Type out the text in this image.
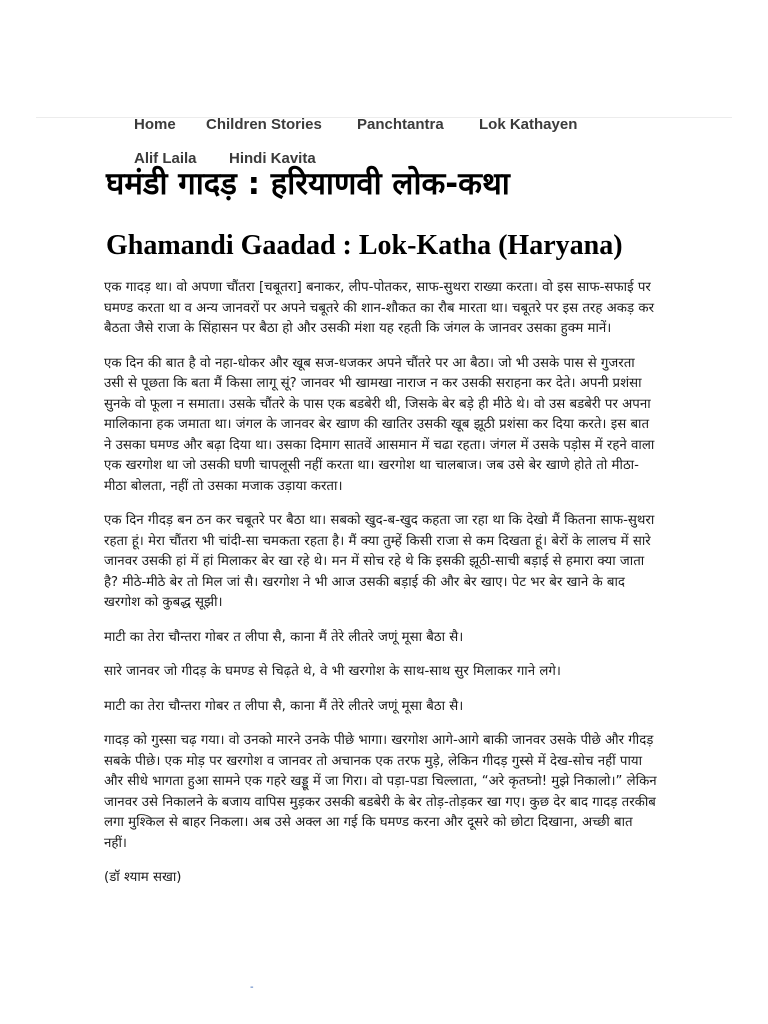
Home Children Stories Panchtantra Lok Kathayen
Alif Laila Hindi Kavita
घमंडी गादड़ : हरियाणवी लोक-कथा
Ghamandi Gaadad : Lok-Katha (Haryana)

एक गादड़ था। वो अपणा चौंतरा [चबूतरा] बनाकर, लीप-पोतकर, साफ-सुथरा राख्या करता। वो इस साफ-सफाई पर घमण्ड करता था व अन्य जानवरों पर अपने चबूतरे की शान-शौकत का रौब मारता था। चबूतरे पर इस तरह अकड़ कर बैठता जैसे राजा के सिंहासन पर बैठा हो और उसकी मंशा यह रहती कि जंगल के जानवर उसका हुक्म मानें।

एक दिन की बात है वो नहा-धोकर और खूब सज-धजकर अपने चौंतरे पर आ बैठा। जो भी उसके पास से गुजरता उसी से पूछता कि बता मैं किसा लागू सूं? जानवर भी खामखा नाराज न कर उसकी सराहना कर देते। अपनी प्रशंसा सुनके वो फूला न समाता। उसके चौंतरे के पास एक बडबेरी थी, जिसके बेर बड़े ही मीठे थे। वो उस बडबेरी पर अपना मालिकाना हक जमाता था। जंगल के जानवर बेर खाण की खातिर उसकी खूब झूठी प्रशंसा कर दिया करते। इस बात ने उसका घमण्ड और बढ़ा दिया था। उसका दिमाग सातवें आसमान में चढा रहता। जंगल में उसके पड़ोस में रहने वाला एक खरगोश था जो उसकी घणी चापलूसी नहीं करता था। खरगोश था चालबाज। जब उसे बेर खाणे होते तो मीठा-मीठा बोलता, नहीं तो उसका मजाक उड़ाया करता।

एक दिन गीदड़ बन ठन कर चबूतरे पर बैठा था। सबको खुद-ब-खुद कहता जा रहा था कि देखो मैं कितना साफ-सुथरा रहता हूं। मेरा चौंतरा भी चांदी-सा चमकता रहता है। मैं क्या तुम्हें किसी राजा से कम दिखता हूं। बेरों के लालच में सारे जानवर उसकी हां में हां मिलाकर बेर खा रहे थे। मन में सोच रहे थे कि इसकी झूठी-साची बड़ाई से हमारा क्या जाता है? मीठे-मीठे बेर तो मिल जां सै। खरगोश ने भी आज उसकी बड़ाई की और बेर खाए। पेट भर बेर खाने के बाद खरगोश को कुबद्ध सूझी।

माटी का तेरा चौन्तरा गोबर त लीपा सै, काना मैं तेरे लीतरे जणूं मूसा बैठा सै।

सारे जानवर जो गीदड़ के घमण्ड से चिढ़ते थे, वे भी खरगोश के साथ-साथ सुर मिलाकर गाने लगे।

माटी का तेरा चौन्तरा गोबर त लीपा सै, काना मैं तेरे लीतरे जणूं मूसा बैठा सै।

गादड़ को गुस्सा चढ़ गया। वो उनको मारने उनके पीछे भागा। खरगोश आगे-आगे बाकी जानवर उसके पीछे और गीदड़ सबके पीछे। एक मोड़ पर खरगोश व जानवर तो अचानक एक तरफ मुड़े, लेकिन गीदड़ गुस्से में देख-सोच नहीं पाया और सीधे भागता हुआ सामने एक गहरे खड्डू में जा गिरा। वो पड़ा-पडा चिल्लाता, “अरे कृतघ्नो! मुझे निकालो।” लेकिन जानवर उसे निकालने के बजाय वापिस मुड़कर उसकी बडबेरी के बेर तोड़-तोड़कर खा गए। कुछ देर बाद गादड़ तरकीब लगा मुश्किल से बाहर निकला। अब उसे अक्ल आ गई कि घमण्ड करना और दूसरे को छोटा दिखाना, अच्छी बात नहीं।

(डॉ श्याम सखा)

-
